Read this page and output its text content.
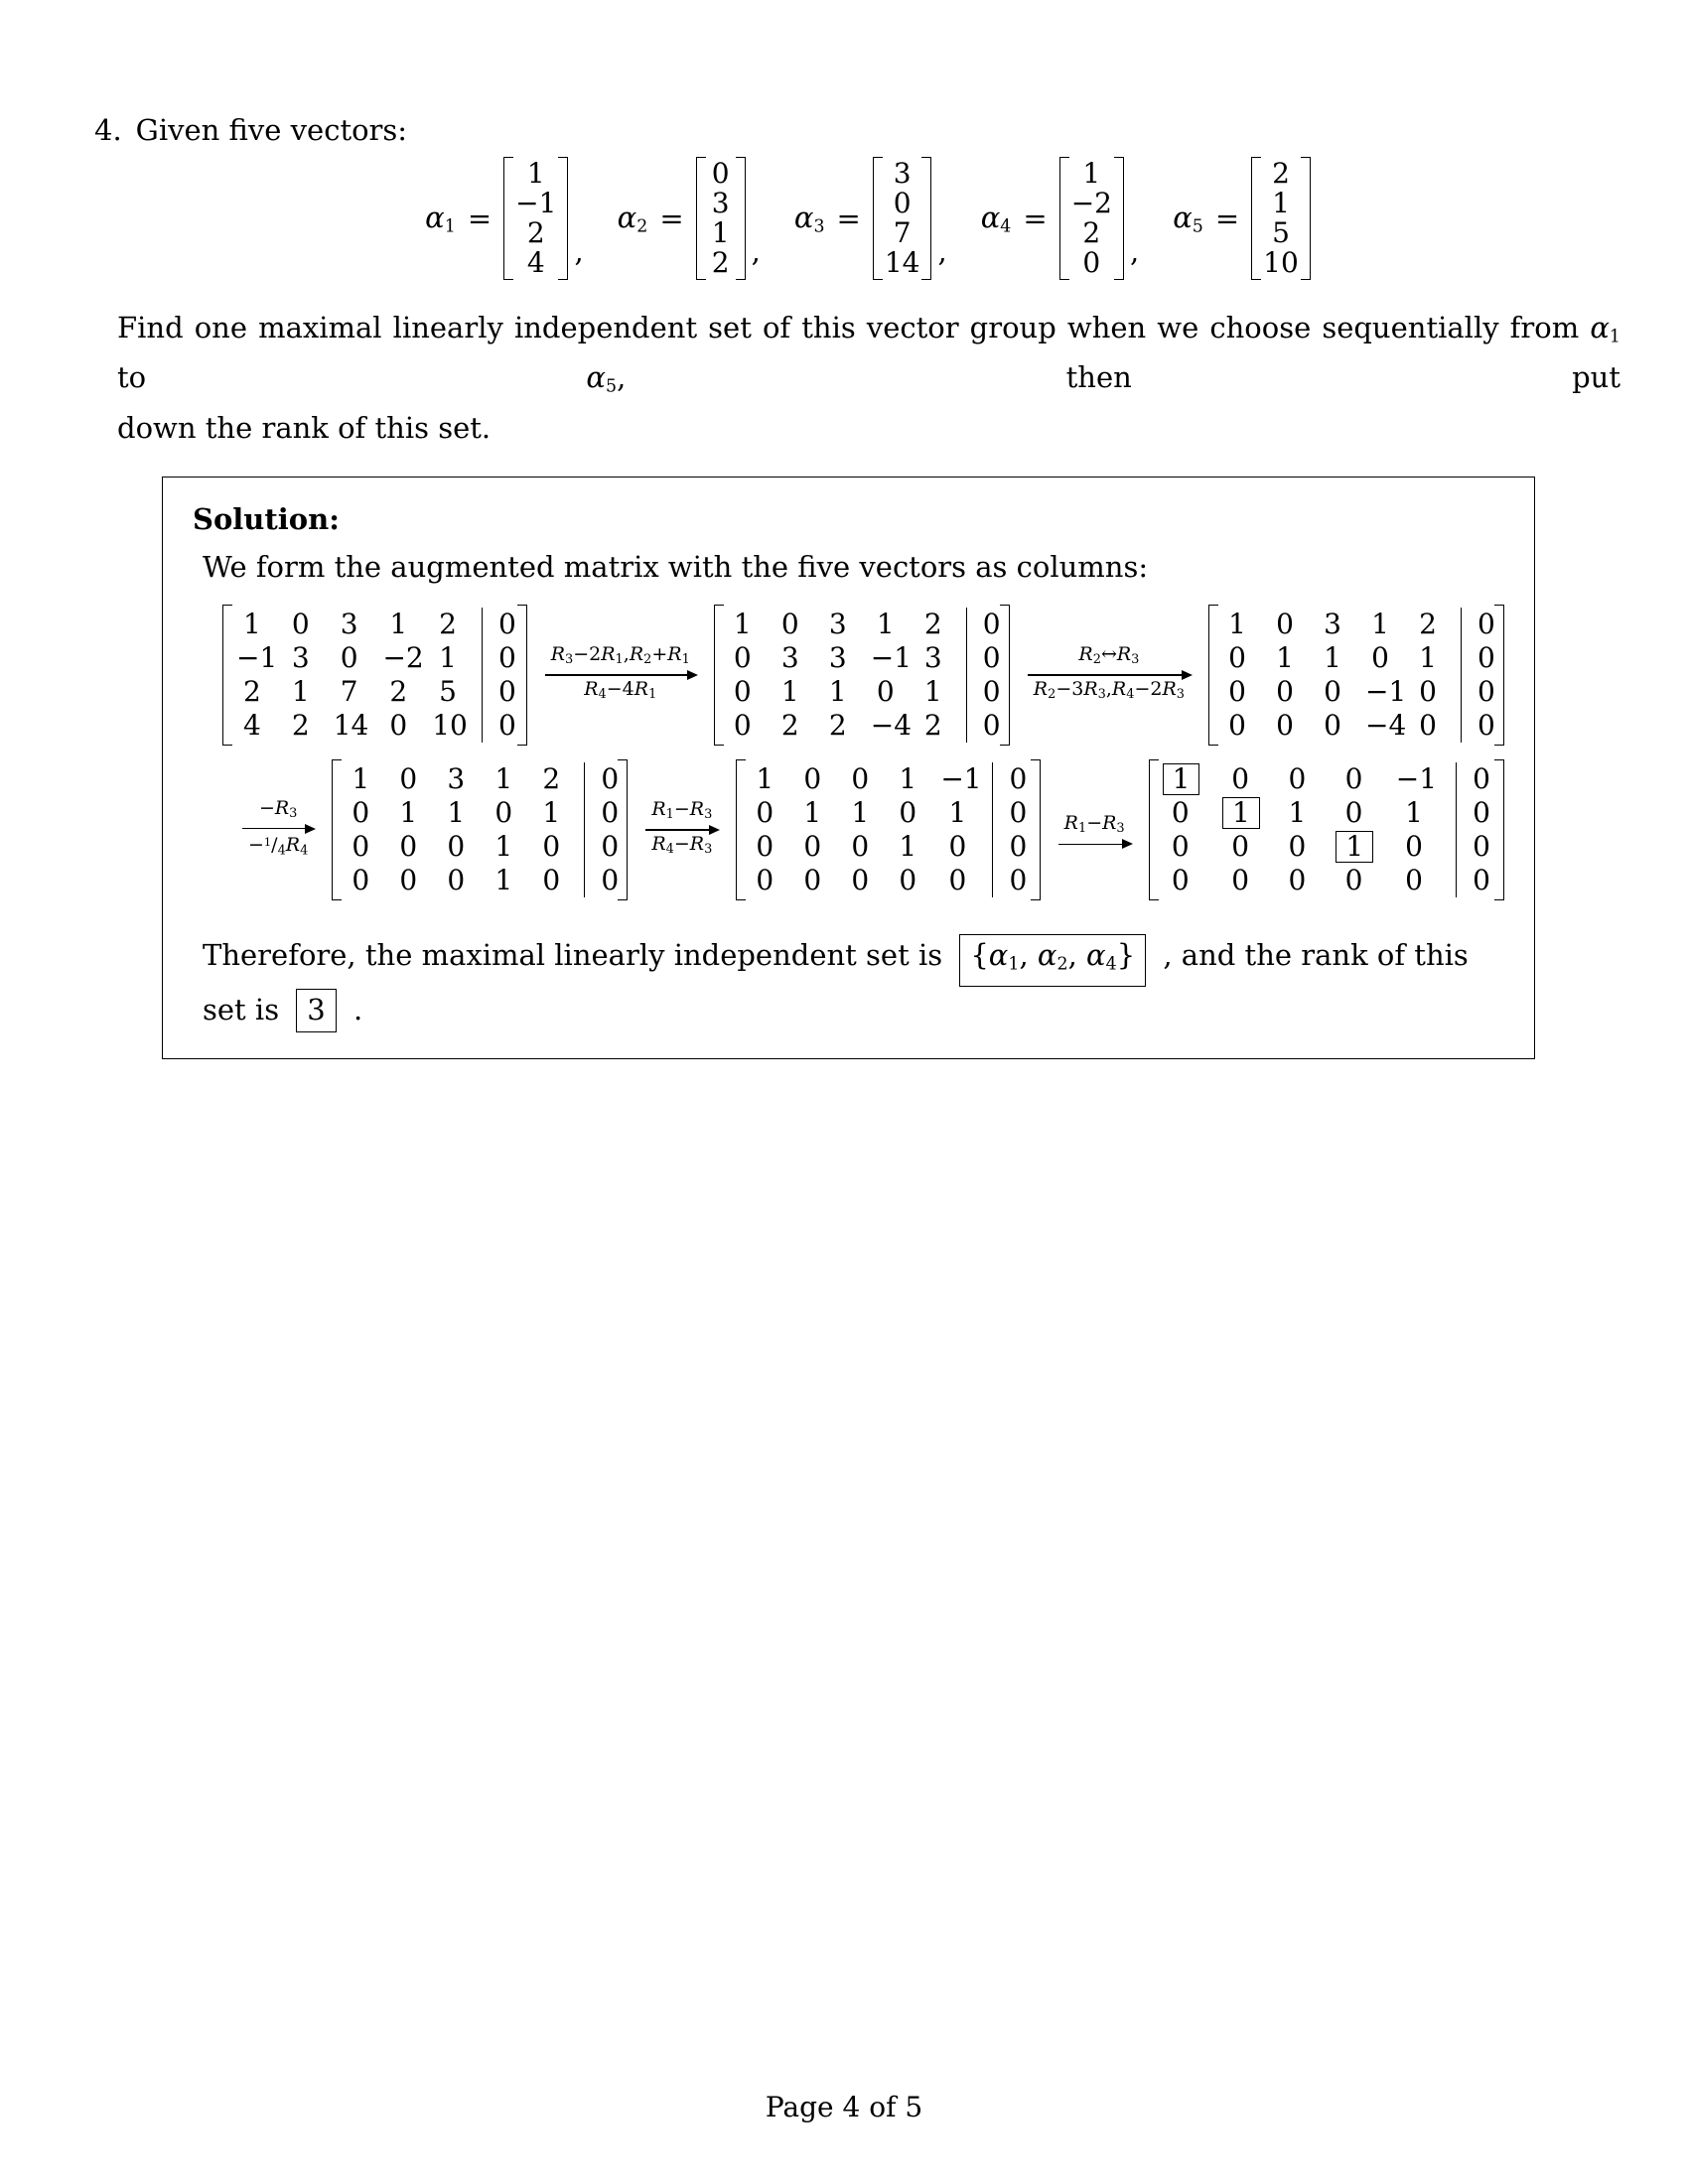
4. Given five vectors:
$\alpha_1$ =
1
−1
2
4	,
$\alpha_2$ =
0
3
1
2 ,
$\alpha_3$ =
3
0
7
14 ,
$\alpha_4$ =
1
−2
2
0	,
$\alpha_5$ =
2
1
5
10
Find one maximal linearly independent set of this vector group when we choose sequentially from $\alpha_1$ to $\alpha_5$, then put
down the rank of this set.
Solution:

We form the augmented matrix with the five vectors as columns:

1 0 3 1 2	0
−1 3 0 −2 1	0
2 1 7 2 5	0
4 2 14 0 10	0
$R_3-2R_1,R_2+R_1$
$R_4-4R_1$
1 0 3 1 2	0
0 3 3 −1 3	0
0 1 1 0 1	0
0 2 2 −4 2	0
$R_2\leftrightarrow R_3$
$R_2-3R_3,R_4-2R_3$
1 0 3 1 2	0
0 1 1 0 1	0
0 0 0 −1 0	0
0 0 0 −4 0	0
$-R_3$
$-^1/_4R_4$
1 0 3 1 2	0
0 1 1 0 1	0
0 0 0 1 0	0
0 0 0 1 0	0
$R_1-R_3$
$R_4-R_3$
1 0 0 1 −1 0
0 1 1 0 1	0
0 0 0 1 0	0
0 0 0 0 0	0
$R_1-R_3$
1	0	0	0	−1	0
0	1	1	0	1	0
0	0	0	1	0	0
0	0	0	0	0	0
Therefore, the maximal linearly independent set is {$\alpha_1$, $\alpha_2$, $\alpha_4$} , and the rank of this set is 3 .
Page 4 of 5
